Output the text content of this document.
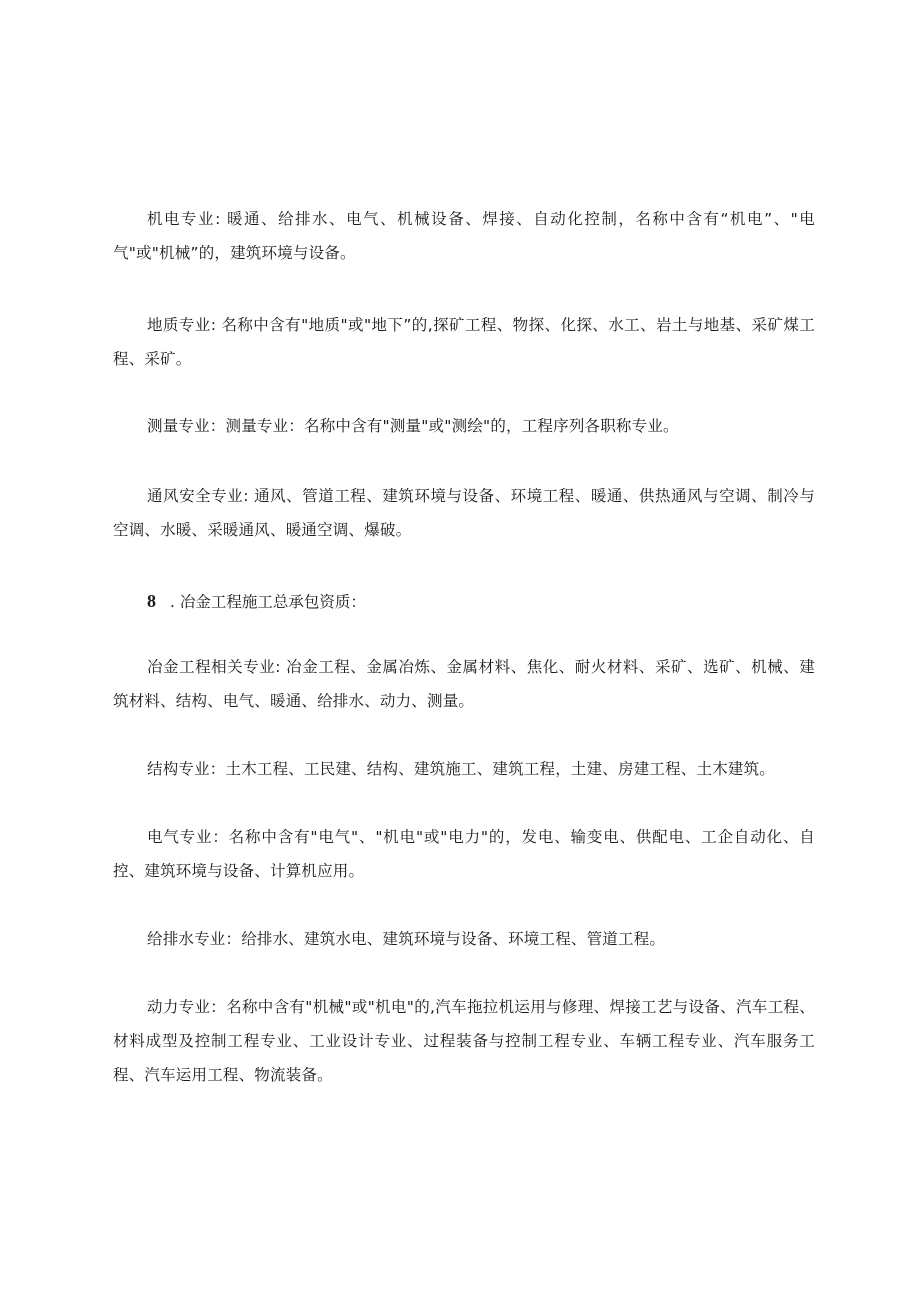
机电专业: 暖通、给排水、电气、机械设备、焊接、自动化控制，名称中含有“机电”、"电气"或"机械”的，建筑环境与设备。

地质专业: 名称中含有"地质"或"地下”的,探矿工程、物探、化探、水工、岩土与地基、采矿煤工程、采矿。

测量专业：测量专业：名称中含有"测量"或"测绘"的，工程序列各职称专业。

通风安全专业: 通风、管道工程、建筑环境与设备、环境工程、暖通、供热通风与空调、制冷与空调、水暖、采暖通风、暖通空调、爆破。

8 . 冶金工程施工总承包资质：

冶金工程相关专业: 冶金工程、金属冶炼、金属材料、焦化、耐火材料、采矿、选矿、机械、建筑材料、结构、电气、暖通、给排水、动力、测量。

结构专业：土木工程、工民建、结构、建筑施工、建筑工程，土建、房建工程、土木建筑。

电气专业：名称中含有"电气"、"机电"或"电力"的，发电、输变电、供配电、工企自动化、自控、建筑环境与设备、计算机应用。

给排水专业：给排水、建筑水电、建筑环境与设备、环境工程、管道工程。

动力专业：名称中含有"机械"或"机电"的,汽车拖拉机运用与修理、焊接工艺与设备、汽车工程、材料成型及控制工程专业、工业设计专业、过程装备与控制工程专业、车辆工程专业、汽车服务工程、汽车运用工程、物流装备。
